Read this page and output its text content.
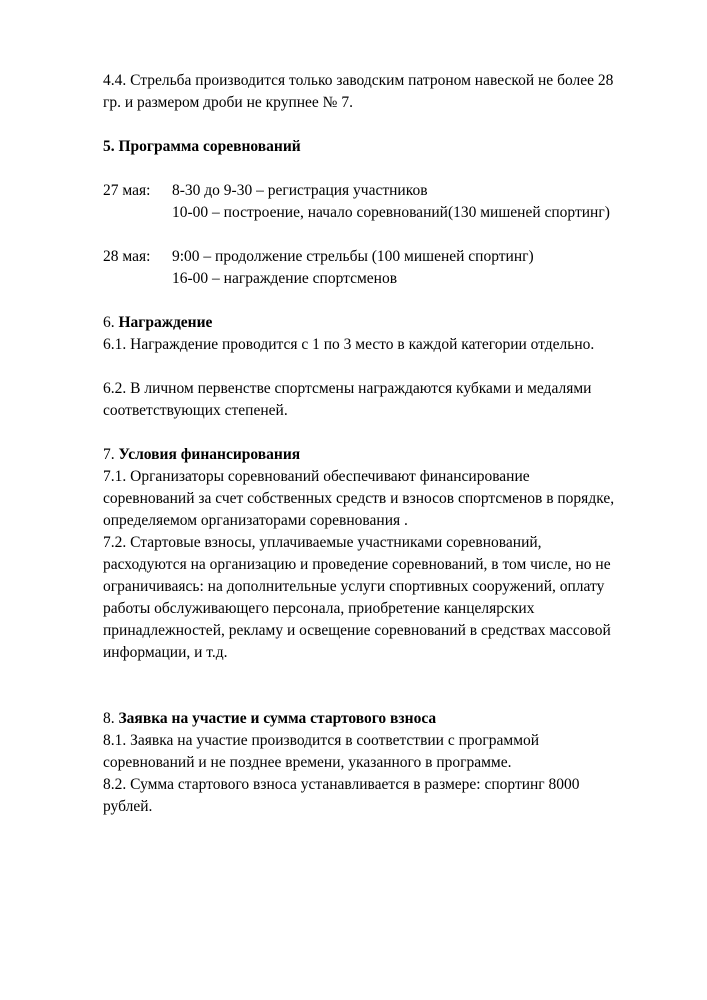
4.4. Стрельба производится только заводским патроном навеской не более 28

гр. и размером дроби не крупнее № 7.

5. Программа соревнований

27 мая:	8-30 до 9-30 – регистрация участников

10-00 – построение, начало соревнований(130 мишеней спортинг)

28 мая:	9:00 – продолжение стрельбы (100 мишеней спортинг)

16-00 – награждение спортсменов

6. Награждение

6.1. Награждение проводится с 1 по 3 место в каждой категории отдельно.

6.2. В личном первенстве спортсмены награждаются кубками и медалями

соответствующих степеней.

7. Условия финансирования

7.1. Организаторы соревнований обеспечивают финансирование

соревнований за счет собственных средств и взносов спортсменов в порядке,

определяемом организаторами соревнования .

7.2. Стартовые взносы, уплачиваемые участниками соревнований,

расходуются на организацию и проведение соревнований, в том числе, но не

ограничиваясь: на дополнительные услуги спортивных сооружений, оплату

работы обслуживающего персонала, приобретение канцелярских

принадлежностей, рекламу и освещение соревнований в средствах массовой

информации, и т.д.

8. Заявка на участие и сумма стартового взноса

8.1. Заявка на участие производится в соответствии с программой

соревнований и не позднее времени, указанного в программе.

8.2. Сумма стартового взноса устанавливается в размере: спортинг 8000

рублей.
